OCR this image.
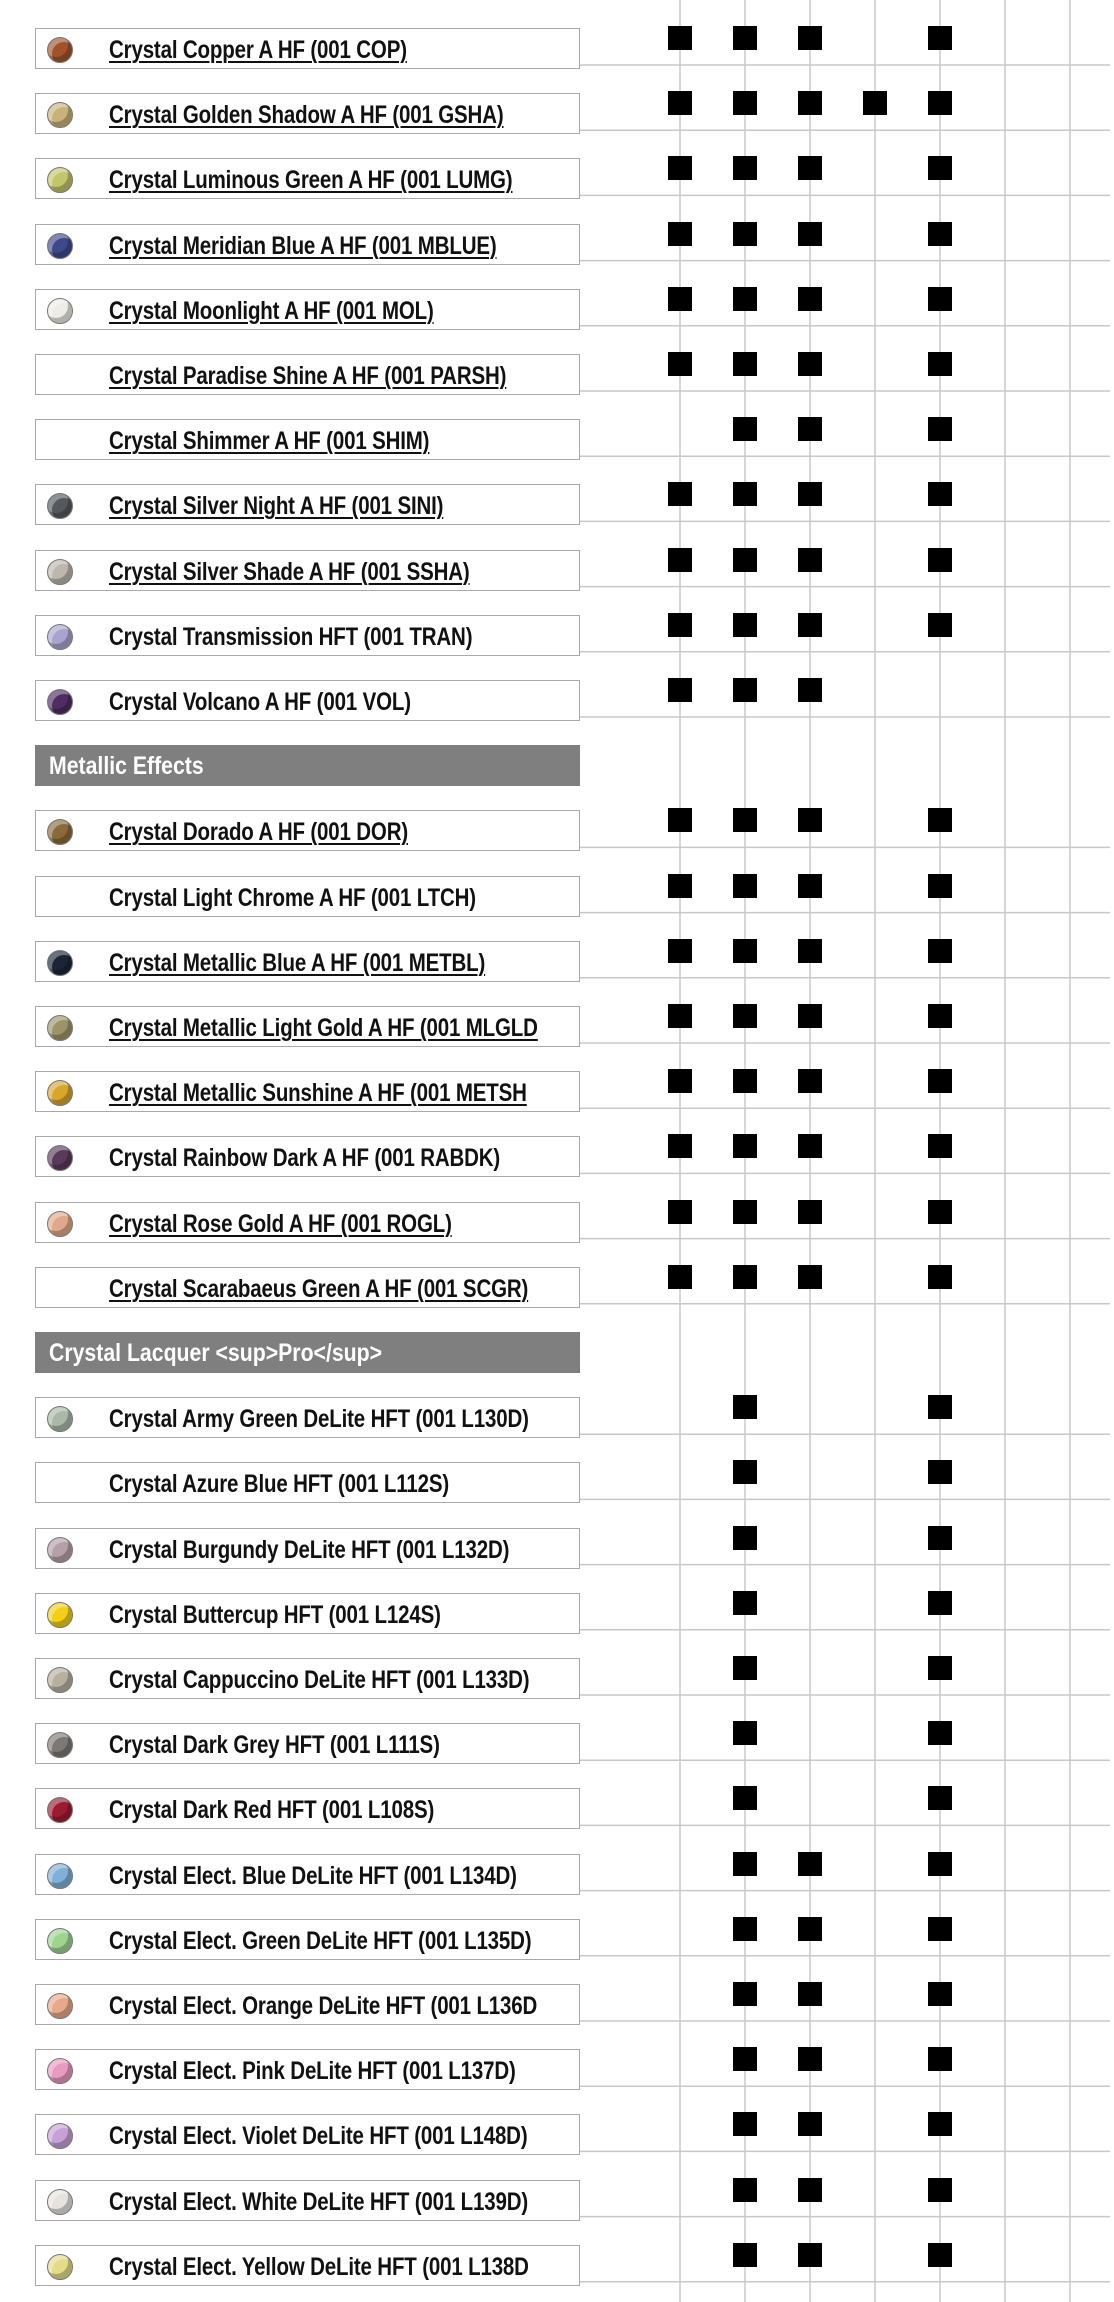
Crystal Copper A HF (001 COP)
Crystal Golden Shadow A HF (001 GSHA)
Crystal Luminous Green A HF (001 LUMG)
Crystal Meridian Blue A HF (001 MBLUE)
Crystal Moonlight A HF (001 MOL)
Crystal Paradise Shine A HF (001 PARSH)
Crystal Shimmer A HF (001 SHIM)
Crystal Silver Night A HF (001 SINI)
Crystal Silver Shade A HF (001 SSHA)
Crystal Transmission HFT (001 TRAN)
Crystal Volcano A HF (001 VOL)
Metallic Effects
Crystal Dorado A HF (001 DOR)
Crystal Light Chrome A HF (001 LTCH)
Crystal Metallic Blue A HF (001 METBL)
Crystal Metallic Light Gold A HF (001 MLGLD
Crystal Metallic Sunshine A HF (001 METSH
Crystal Rainbow Dark A HF (001 RABDK)
Crystal Rose Gold A HF (001 ROGL)
Crystal Scarabaeus Green A HF (001 SCGR)
Crystal Lacquer <sup>Pro</sup>
Crystal Army Green DeLite HFT (001 L130D)
Crystal Azure Blue HFT (001 L112S)
Crystal Burgundy DeLite HFT (001 L132D)
Crystal Buttercup HFT (001 L124S)
Crystal Cappuccino DeLite HFT (001 L133D)
Crystal Dark Grey HFT (001 L111S)
Crystal Dark Red HFT (001 L108S)
Crystal Elect. Blue DeLite HFT (001 L134D)
Crystal Elect. Green DeLite HFT (001 L135D)
Crystal Elect. Orange DeLite HFT (001 L136D
Crystal Elect. Pink DeLite HFT (001 L137D)
Crystal Elect. Violet DeLite HFT (001 L148D)
Crystal Elect. White DeLite HFT (001 L139D)
Crystal Elect. Yellow DeLite HFT (001 L138D
